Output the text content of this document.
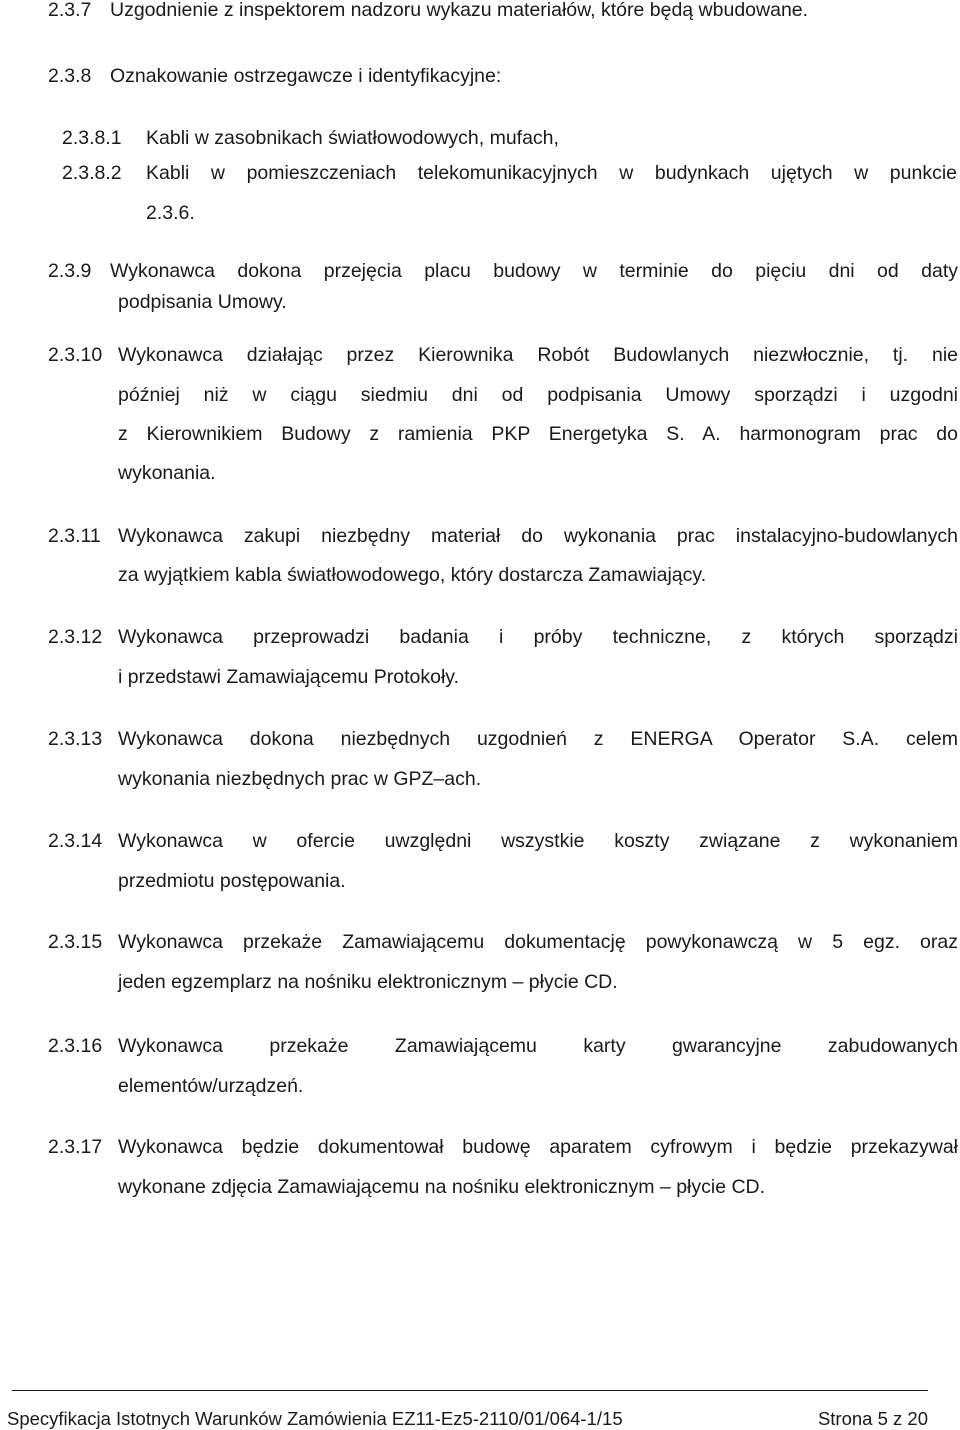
2.3.7 Uzgodnienie z inspektorem nadzoru wykazu materiałów, które będą wbudowane.
2.3.8 Oznakowanie ostrzegawcze i identyfikacyjne:
2.3.8.1 Kabli w zasobnikach światłowodowych, mufach,
2.3.8.2 Kabli w pomieszczeniach telekomunikacyjnych w budynkach ujętych w punkcie
2.3.6.
2.3.9 Wykonawca dokona przejęcia placu budowy w terminie do pięciu dni od daty
podpisania Umowy.
2.3.10 Wykonawca działając przez Kierownika Robót Budowlanych niezwłocznie, tj. nie
później niż w ciągu siedmiu dni od podpisania Umowy sporządzi i uzgodni
z Kierownikiem Budowy z ramienia PKP Energetyka S. A. harmonogram prac do
wykonania.
2.3.11 Wykonawca zakupi niezbędny materiał do wykonania prac instalacyjno-budowlanych
za wyjątkiem kabla światłowodowego, który dostarcza Zamawiający.
2.3.12 Wykonawca przeprowadzi badania i próby techniczne, z których sporządzi
i przedstawi Zamawiającemu Protokoły.
2.3.13 Wykonawca dokona niezbędnych uzgodnień z ENERGA Operator S.A. celem
wykonania niezbędnych prac w GPZ–ach.
2.3.14 Wykonawca w ofercie uwzględni wszystkie koszty związane z wykonaniem
przedmiotu postępowania.
2.3.15 Wykonawca przekaże Zamawiającemu dokumentację powykonawczą w 5 egz. oraz
jeden egzemplarz na nośniku elektronicznym – płycie CD.
2.3.16 Wykonawca przekaże Zamawiającemu karty gwarancyjne zabudowanych
elementów/urządzeń.
2.3.17 Wykonawca będzie dokumentował budowę aparatem cyfrowym i będzie przekazywał
wykonane zdjęcia Zamawiającemu na nośniku elektronicznym – płycie CD.
Specyfikacja Istotnych Warunków Zamówienia EZ11-Ez5-2110/01/064-1/15	Strona 5 z 20
